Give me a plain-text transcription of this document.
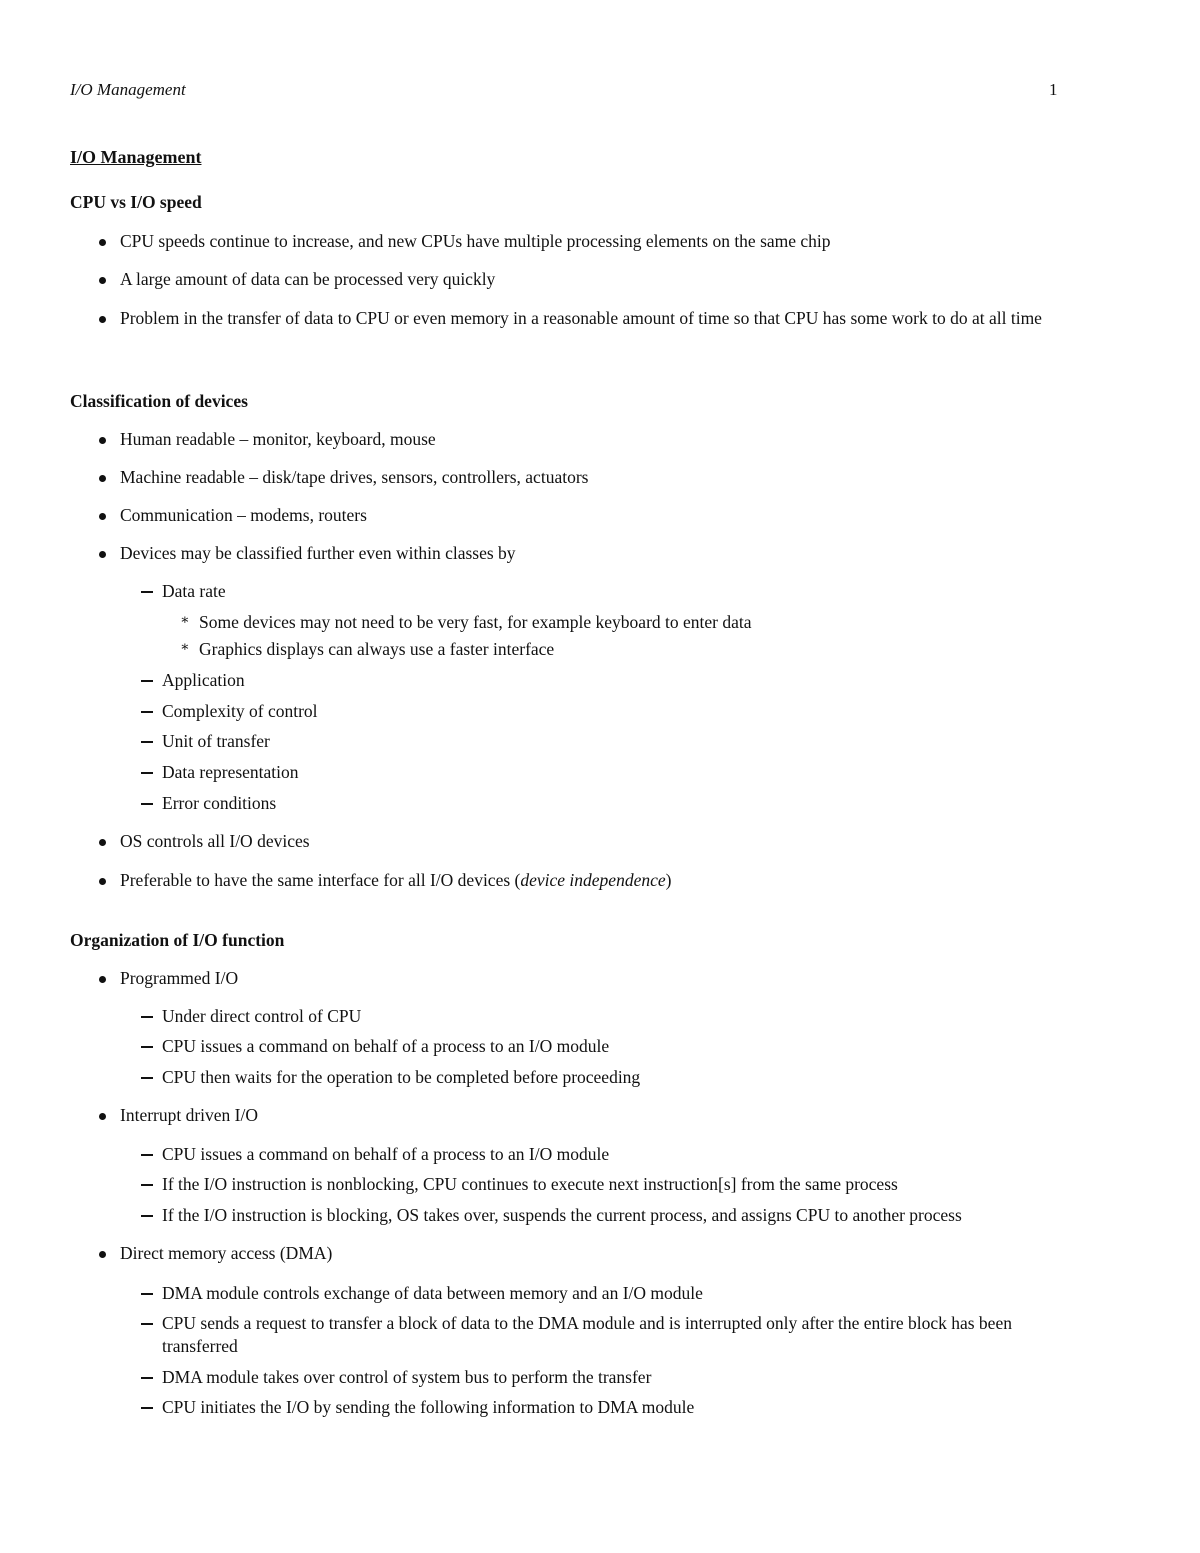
I/O Management	1
I/O Management
CPU vs I/O speed
CPU speeds continue to increase, and new CPUs have multiple processing elements on the same chip
A large amount of data can be processed very quickly
Problem in the transfer of data to CPU or even memory in a reasonable amount of time so that CPU has some work to do at all time
Classification of devices
Human readable – monitor, keyboard, mouse
Machine readable – disk/tape drives, sensors, controllers, actuators
Communication – modems, routers
Devices may be classified further even within classes by
Data rate
∗ Some devices may not need to be very fast, for example keyboard to enter data
∗ Graphics displays can always use a faster interface
Application
Complexity of control
Unit of transfer
Data representation
Error conditions
OS controls all I/O devices
Preferable to have the same interface for all I/O devices (device independence)
Organization of I/O function
Programmed I/O
Under direct control of CPU
CPU issues a command on behalf of a process to an I/O module
CPU then waits for the operation to be completed before proceeding
Interrupt driven I/O
CPU issues a command on behalf of a process to an I/O module
If the I/O instruction is nonblocking, CPU continues to execute next instruction[s] from the same process
If the I/O instruction is blocking, OS takes over, suspends the current process, and assigns CPU to another process
Direct memory access (DMA)
DMA module controls exchange of data between memory and an I/O module
CPU sends a request to transfer a block of data to the DMA module and is interrupted only after the entire block has been transferred
DMA module takes over control of system bus to perform the transfer
CPU initiates the I/O by sending the following information to DMA module
